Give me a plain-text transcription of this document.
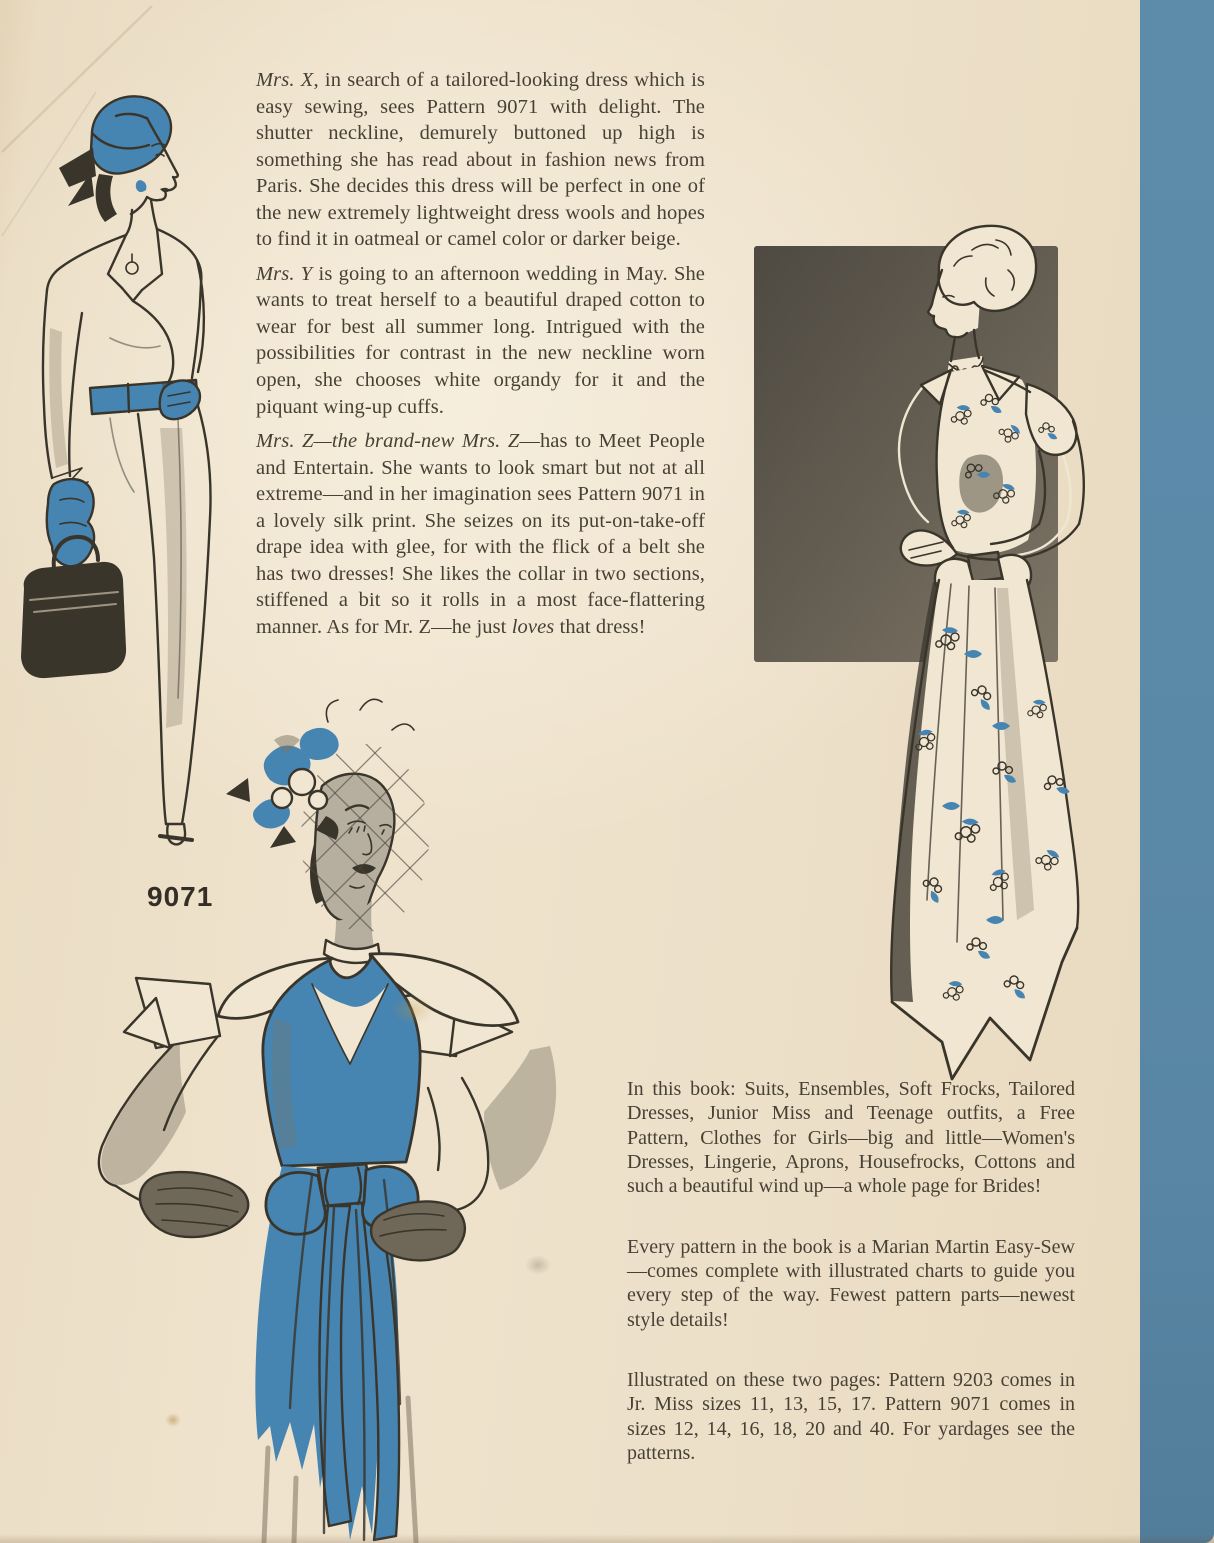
Mrs. X, in search of a tailored-looking dress which is easy sewing, sees Pattern 9071 with delight. The shutter neckline, demurely buttoned up high is something she has read about in fashion news from Paris. She decides this dress will be perfect in one of the new extremely lightweight dress wools and hopes to find it in oatmeal or camel color or darker beige.

Mrs. Y is going to an afternoon wedding in May. She wants to treat herself to a beautiful draped cotton to wear for best all summer long. Intrigued with the possibilities for contrast in the new neckline worn open, she chooses white organdy for it and the piquant wing-up cuffs.

Mrs. Z—the brand-new Mrs. Z—has to Meet People and Entertain. She wants to look smart but not at all extreme—and in her imagination sees Pattern 9071 in a lovely silk print. She seizes on its put-on-take-off drape idea with glee, for with the flick of a belt she has two dresses! She likes the collar in two sections, stiffened a bit so it rolls in a most face-flattering manner. As for Mr. Z—he just loves that dress!

9071

In this book: Suits, Ensembles, Soft Frocks, Tailored Dresses, Junior Miss and Teenage outfits, a Free Pattern, Clothes for Girls—big and little—Women's Dresses, Lingerie, Aprons, Housefrocks, Cottons and such a beautiful wind up—a whole page for Brides!

Every pattern in the book is a Marian Martin Easy-Sew—comes complete with illustrated charts to guide you every step of the way. Fewest pattern parts—newest style details!

Illustrated on these two pages: Pattern 9203 comes in Jr. Miss sizes 11, 13, 15, 17. Pattern 9071 comes in sizes 12, 14, 16, 18, 20 and 40. For yardages see the patterns.
